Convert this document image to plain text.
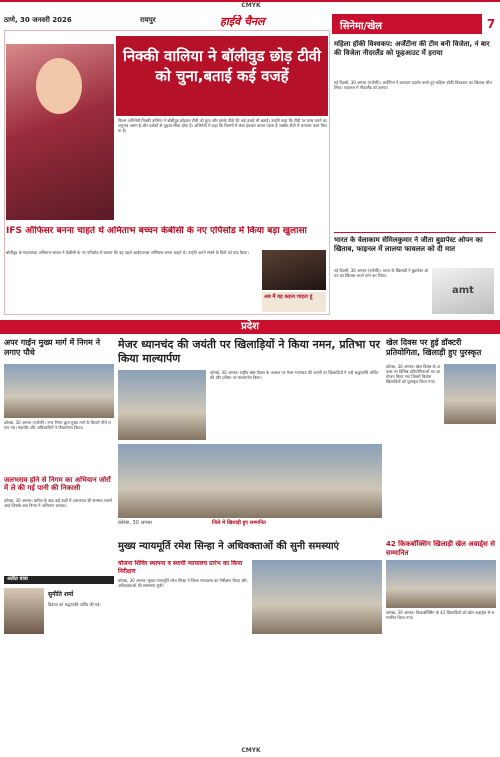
CMYK
ठाणे, 30 जनवरी 2026	रायपुर	हाईवे चैनल	सिनेमा/खेल	7
निक्की वालिया ने बॉलीवुड छोड़ टीवी को चुना,बताई कई वजहें
फिल्म अभिनेत्री निक्की वालिया ने बॉलीवुड छोड़कर टीवी को चुना और इसके पीछे की कई वजहें भी बताईं। उन्होंने कहा कि टीवी पर काम करने का अनुभव अलग है और दर्शकों से जुड़ाव सीधा होता है। अभिनेत्री ने कहा कि फिल्मों में लंबा इंतजार करना पड़ता है जबकि टीवी में लगातार काम मिलता है।
IFS ऑफिसर बनना चाहते थे अमिताभ बच्चन केबीसी के नए एपिसोड में किया बड़ा खुलासा
बॉलीवुड के महानायक अमिताभ बच्चन ने केबीसी के नए एपिसोड में बताया कि वह पहले आईएफएस ऑफिसर बनना चाहते थे। उन्होंने अपने संघर्ष के दिनों को याद किया।
अब मैं यह कहना चाहता हूं
महिला हॉकी विश्वकप: अर्जेंटीना की टीम बनी विजेता, नं बार की विजेता नीदरलैंड को फूहआउट में हराया
नई दिल्ली, 30 अगस्त (एजेंसी)। अर्जेंटीना ने शानदार प्रदर्शन करते हुए महिला हॉकी विश्वकप का खिताब जीत लिया। फाइनल में नीदरलैंड को हराया।
भारत के वेलाकाम सेमिलकुमार ने जीता बुडापेस्ट ओपन का खिताब, फाइनल में लालया फावलल को दी मात
नई दिल्ली, 30 अगस्त (एजेंसी)। भारत के खिलाड़ी ने बुडापेस्ट ओपन का खिताब अपने नाम कर लिया।
amt
प्रदेश
अपर गाईन मुख्य मार्ग में निगम ने लगाए पौधे
कोरबा, 30 अगस्त (एजेंसी)। नगर निगम द्वारा मुख्य मार्ग के किनारे पौधे लगाए गए। महापौर और अधिकारियों ने पौधारोपण किया।
जलभराव होने से निगम का अभियान जोरों में ले की गई पानी की निकासी
कोरबा, 30 अगस्त। बारिश के बाद कई वार्डों में जलभराव की समस्या सामने आई जिसके बाद निगम ने अभियान चलाया।
मेजर ध्यानचंद की जयंती पर खिलाड़ियों ने किया नमन, प्रतिभा पर किया माल्यार्पण
कोरबा, 30 अगस्त। राष्ट्रीय खेल दिवस के अवसर पर मेजर ध्यानचंद की जयंती पर खिलाड़ियों ने उन्हें श्रद्धांजलि अर्पित की और प्रतिमा पर माल्यार्पण किया।
जिले में खिलाड़ी हुए सम्मानित
कोरबा, 30 अगस्त
खेल दिवस पर हुई डॉक्टरी प्रतियोगिता, खिलाड़ी हुए पुरस्कृत
कोरबा, 30 अगस्त। खेल दिवस के अवसर पर विभिन्न प्रतियोगिताओं का आयोजन किया गया जिसमें विजेता खिलाड़ियों को पुरस्कृत किया गया।
42 किकबॉक्सिंग खिलाड़ी खेल अवार्ड्स से सम्मानित
कोरबा, 30 अगस्त। किकबॉक्सिंग के 42 खिलाड़ियों को खेल अवार्ड्स से सम्मानित किया गया।
मुख्य न्यायमूर्ति रमेश सिन्हा ने अधिवक्ताओं की सुनी समस्याएं
योजना शिविर स्थापना व स्थायी न्यायालय प्रारंभ का किया निरीक्षण
कोरबा, 30 अगस्त। मुख्य न्यायमूर्ति रमेश सिन्हा ने जिला न्यायालय का निरीक्षण किया और अधिवक्ताओं की समस्याएं सुनीं।
अतीत यात्रा
सुनीति शर्मा
दिवंगत को श्रद्धांजलि अर्पित की गई।
CMYK
